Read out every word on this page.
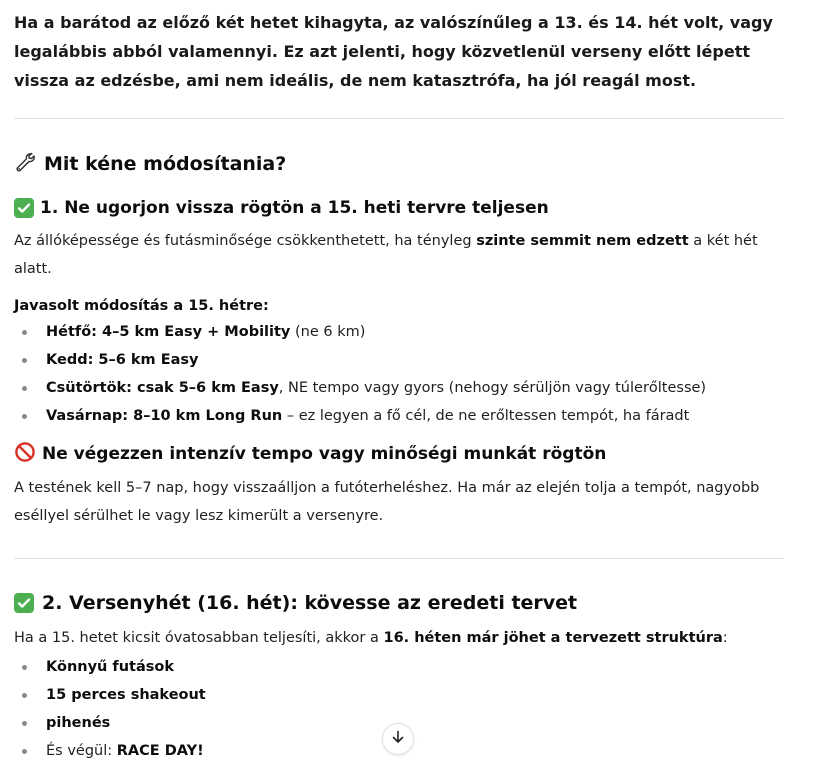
Ha a barátod az előző két hetet kihagyta, az valószínűleg a 13. és 14. hét volt, vagy legalábbis abból valamennyi. Ez azt jelenti, hogy közvetlenül verseny előtt lépett vissza az edzésbe, ami nem ideális, de nem katasztrófa, ha jól reagál most.

Mit kéne módosítania?
1. Ne ugorjon vissza rögtön a 15. heti tervre teljesen

Az állóképessége és futásminősége csökkenthetett, ha tényleg szinte semmit nem edzett a két hét alatt.

Javasolt módosítás a 15. hétre:

Hétfő: 4–5 km Easy + Mobility (ne 6 km)
Kedd: 5–6 km Easy
Csütörtök: csak 5–6 km Easy, NE tempo vagy gyors (nehogy sérüljön vagy túlerőltesse)
Vasárnap: 8–10 km Long Run – ez legyen a fő cél, de ne erőltessen tempót, ha fáradt
Ne végezzen intenzív tempo vagy minőségi munkát rögtön

A testének kell 5–7 nap, hogy visszaálljon a futóterheléshez. Ha már az elején tolja a tempót, nagyobb eséllyel sérülhet le vagy lesz kimerült a versenyre.

2. Versenyhét (16. hét): kövesse az eredeti tervet

Ha a 15. hetet kicsit óvatosabban teljesíti, akkor a 16. héten már jöhet a tervezett struktúra:

Könnyű futások
15 perces shakeout
pihenés
És végül: RACE DAY!
